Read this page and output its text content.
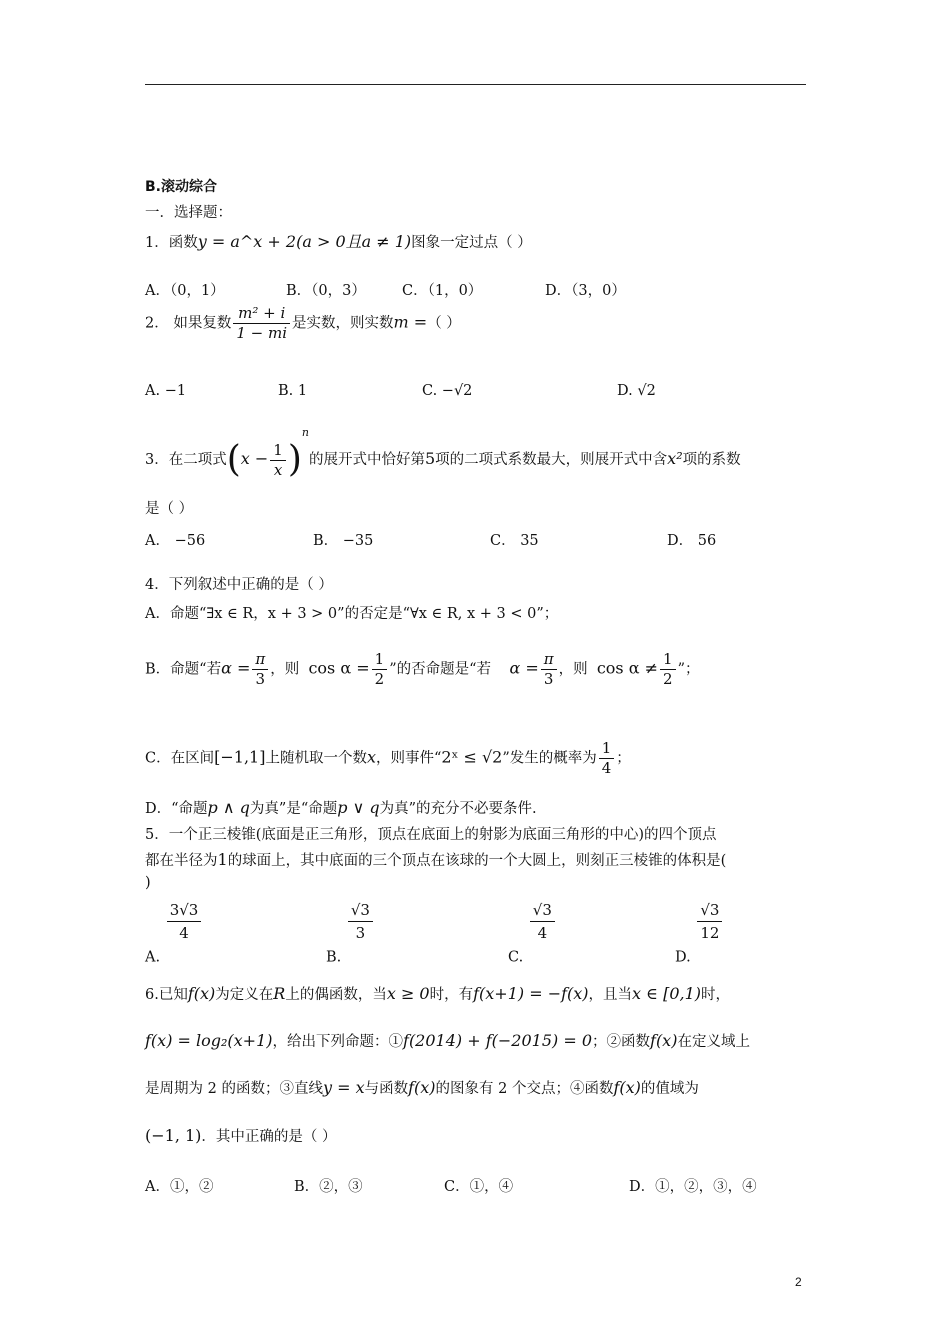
B.滚动综合
一．选择题：
1．函数y = a^x + 2(a > 0且a ≠ 1)图象一定过点（ ）
A．（0，1）	B．（0，3） C．（1，0）	D．（3，0）
2． 如果复数 $\frac{\text{m² + i}}{1 - mi}$ 是实数，则实数m =（ ）
A. −1	B. 1	C. −√2	D. √2
3．在二项式$(x - \frac{1}{x} )^n$的展开式中恰好第5项的二项式系数最大，则展开式中含x²项的系数
是（ ）
A． −56	B． −35	C． 35	D． 56
4．下列叙述中正确的是（ ）
A．命题“∃x ∈ R，x + 3 > 0”的否定是“∀x ∈ R, x + 3 < 0”；
B．命题“若$\alpha = \frac{\pi}{3}$ ，则 $\cos \alpha = \frac{1}{2}$ ”的否命题是“若 $\alpha = \frac{\pi}{3}$ ，则 $\cos \alpha \ne \frac{1}{2}$ ”；
C．在区间[−1,1]上随机取一个数x，则事件“2ˣ ≤ √2”发生的概率为 $\frac{1}{4}$ ；
D．“命题p ∧ q为真”是“命题p ∨ q为真”的充分不必要条件.
5．一个正三棱锥(底面是正三角形，顶点在底面上的射影为底面三角形的中心)的四个顶点
都在半径为1的球面上，其中底面的三个顶点在该球的一个大圆上，则刻正三棱锥的体积是(
)
A.
$\frac{3√3}{4}$
B.
$\frac{√3}{3}$
C.
$\frac{√3}{4}$
D.
$\frac{√3}{12}$
6.已知f(x)为定义在R上的偶函数，当x ≥ 0时，有f(x+1) = −f(x)，且当x ∈ [0,1)时，
f(x) = log₂(x+1)，给出下列命题：①f(2014) + f(−2015) = 0；②函数f(x)在定义域上
是周期为 2 的函数；③直线y = x与函数f(x)的图象有 2 个交点；④函数f(x)的值域为
(−1, 1)．其中正确的是（ ）
A．①，②	B．②，③	C．①，④	D．①，②，③，④
2
